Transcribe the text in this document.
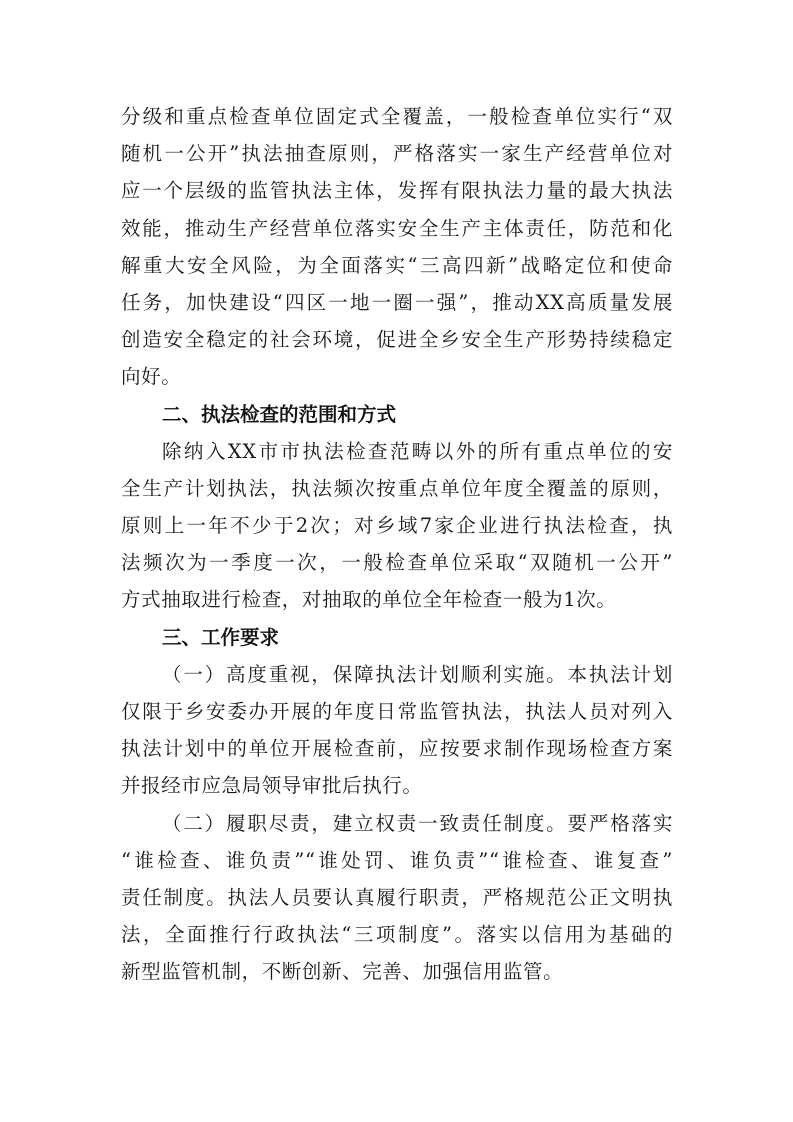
分级和重点检查单位固定式全覆盖，一般检查单位实行“双
随机一公开”执法抽查原则，严格落实一家生产经营单位对
应一个层级的监管执法主体，发挥有限执法力量的最大执法
效能，推动生产经营单位落实安全生产主体责任，防范和化
解重大安全风险，为全面落实“三高四新”战略定位和使命
任务，加快建设“四区一地一圈一强”，推动XX高质量发展
创造安全稳定的社会环境，促进全乡安全生产形势持续稳定
向好。
二、执法检查的范围和方式
除纳入XX市市执法检查范畴以外的所有重点单位的安
全生产计划执法，执法频次按重点单位年度全覆盖的原则，
原则上一年不少于2次；对乡域7家企业进行执法检查，执
法频次为一季度一次，一般检查单位采取“双随机一公开”
方式抽取进行检查，对抽取的单位全年检查一般为1次。
三、工作要求
（一）高度重视，保障执法计划顺利实施。本执法计划
仅限于乡安委办开展的年度日常监管执法，执法人员对列入
执法计划中的单位开展检查前，应按要求制作现场检查方案
并报经市应急局领导审批后执行。
（二）履职尽责，建立权责一致责任制度。要严格落实
“谁检查、谁负责”“谁处罚、谁负责”“谁检查、谁复查”
责任制度。执法人员要认真履行职责，严格规范公正文明执
法，全面推行行政执法“三项制度”。落实以信用为基础的
新型监管机制，不断创新、完善、加强信用监管。
